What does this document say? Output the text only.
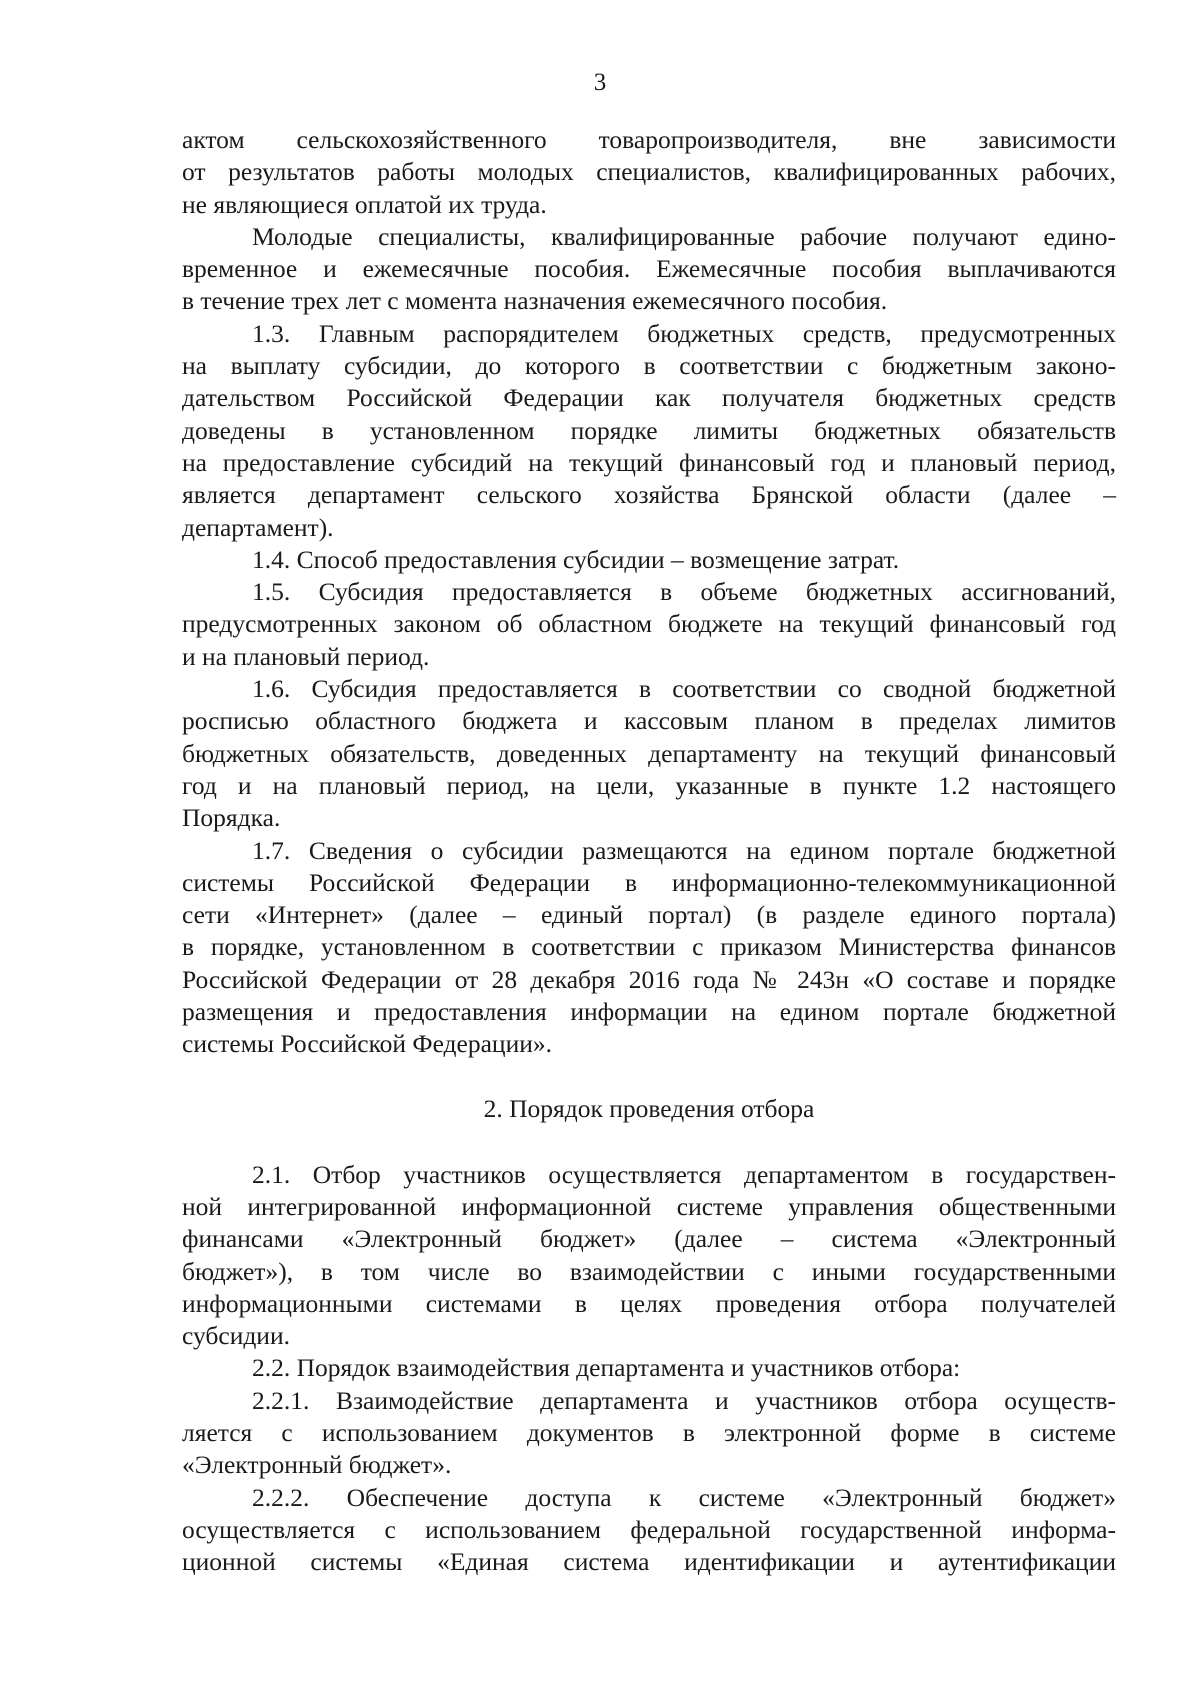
3

актом сельскохозяйственного товаропроизводителя, вне зависимости

от результатов работы молодых специалистов, квалифицированных рабочих,

не являющиеся оплатой их труда.

Молодые специалисты, квалифицированные рабочие получают едино-

временное и ежемесячные пособия. Ежемесячные пособия выплачиваются

в течение трех лет с момента назначения ежемесячного пособия.

1.3. Главным распорядителем бюджетных средств, предусмотренных

на выплату субсидии, до которого в соответствии с бюджетным законо-

дательством Российской Федерации как получателя бюджетных средств

доведены в установленном порядке лимиты бюджетных обязательств

на предоставление субсидий на текущий финансовый год и плановый период,

является департамент сельского хозяйства Брянской области (далее –

департамент).

1.4. Способ предоставления субсидии – возмещение затрат.

1.5. Субсидия предоставляется в объеме бюджетных ассигнований,

предусмотренных законом об областном бюджете на текущий финансовый год

и на плановый период.

1.6. Субсидия предоставляется в соответствии со сводной бюджетной

росписью областного бюджета и кассовым планом в пределах лимитов

бюджетных обязательств, доведенных департаменту на текущий финансовый

год и на плановый период, на цели, указанные в пункте 1.2 настоящего

Порядка.

1.7. Сведения о субсидии размещаются на едином портале бюджетной

системы Российской Федерации в информационно-телекоммуникационной

сети «Интернет» (далее – единый портал) (в разделе единого портала)

в порядке, установленном в соответствии с приказом Министерства финансов

Российской Федерации от 28 декабря 2016 года № 243н «О составе и порядке

размещения и предоставления информации на едином портале бюджетной

системы Российской Федерации».

2. Порядок проведения отбора

2.1. Отбор участников осуществляется департаментом в государствен-

ной интегрированной информационной системе управления общественными

финансами «Электронный бюджет» (далее – система «Электронный

бюджет»), в том числе во взаимодействии с иными государственными

информационными системами в целях проведения отбора получателей

субсидии.

2.2. Порядок взаимодействия департамента и участников отбора:

2.2.1. Взаимодействие департамента и участников отбора осуществ-

ляется с использованием документов в электронной форме в системе

«Электронный бюджет».

2.2.2. Обеспечение доступа к системе «Электронный бюджет»

осуществляется с использованием федеральной государственной информа-

ционной системы «Единая система идентификации и аутентификации
